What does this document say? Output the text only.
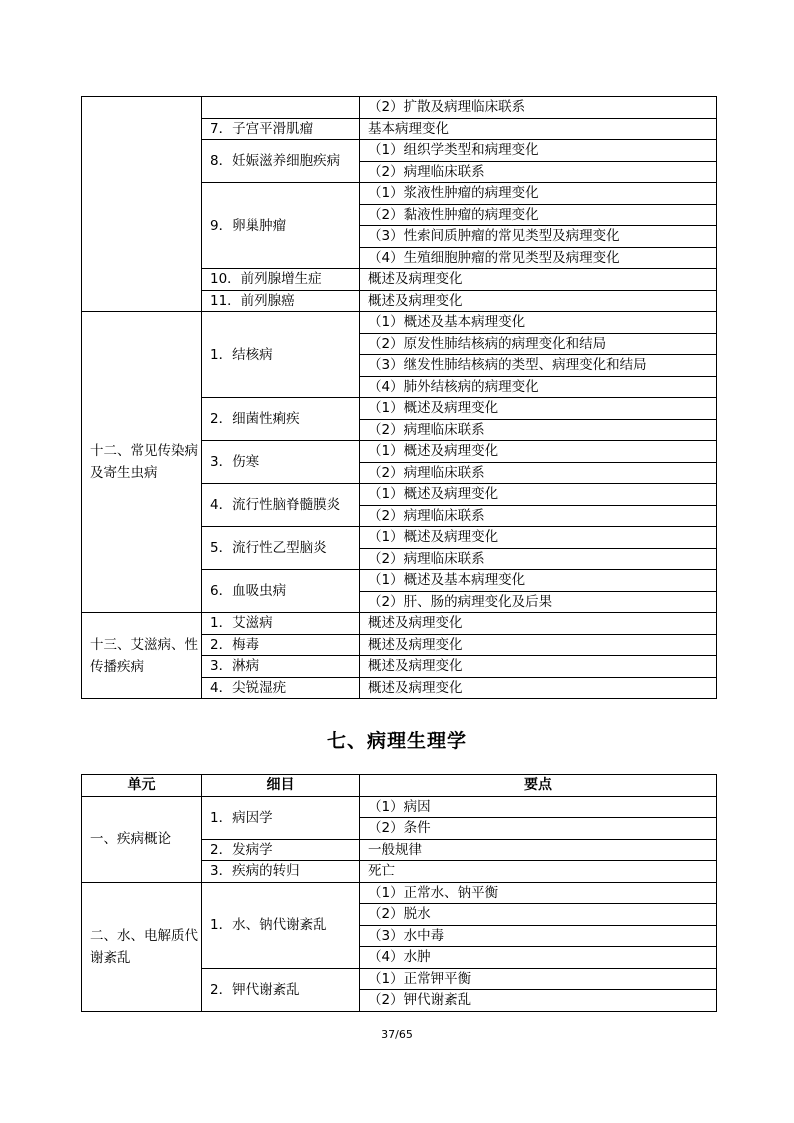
		（2）扩散及病理临床联系
	7．子宫平滑肌瘤	基本病理变化
	8．妊娠滋养细胞疾病	（1）组织学类型和病理变化
		（2）病理临床联系
	9．卵巢肿瘤	（1）浆液性肿瘤的病理变化
		（2）黏液性肿瘤的病理变化
		（3）性索间质肿瘤的常见类型及病理变化
		（4）生殖细胞肿瘤的常见类型及病理变化
	10．前列腺增生症	概述及病理变化
	11．前列腺癌	概述及病理变化
十二、常见传染病及寄生虫病	1．结核病	（1）概述及基本病理变化
		（2）原发性肺结核病的病理变化和结局
		（3）继发性肺结核病的类型、病理变化和结局
		（4）肺外结核病的病理变化
	2．细菌性痢疾	（1）概述及病理变化
		（2）病理临床联系
	3．伤寒	（1）概述及病理变化
		（2）病理临床联系
	4．流行性脑脊髓膜炎	（1）概述及病理变化
		（2）病理临床联系
	5．流行性乙型脑炎	（1）概述及病理变化
		（2）病理临床联系
	6．血吸虫病	（1）概述及基本病理变化
		（2）肝、肠的病理变化及后果
十三、艾滋病、性传播疾病	1．艾滋病	概述及病理变化
	2．梅毒	概述及病理变化
	3．淋病	概述及病理变化
	4．尖锐湿疣	概述及病理变化
七、病理生理学
单元	细目	要点
一、疾病概论	1．病因学	（1）病因
		（2）条件
	2．发病学	一般规律
	3．疾病的转归	死亡
二、水、电解质代谢紊乱	1．水、钠代谢紊乱	（1）正常水、钠平衡
		（2）脱水
		（3）水中毒
		（4）水肿
	2．钾代谢紊乱	（1）正常钾平衡
		（2）钾代谢紊乱
37/65
